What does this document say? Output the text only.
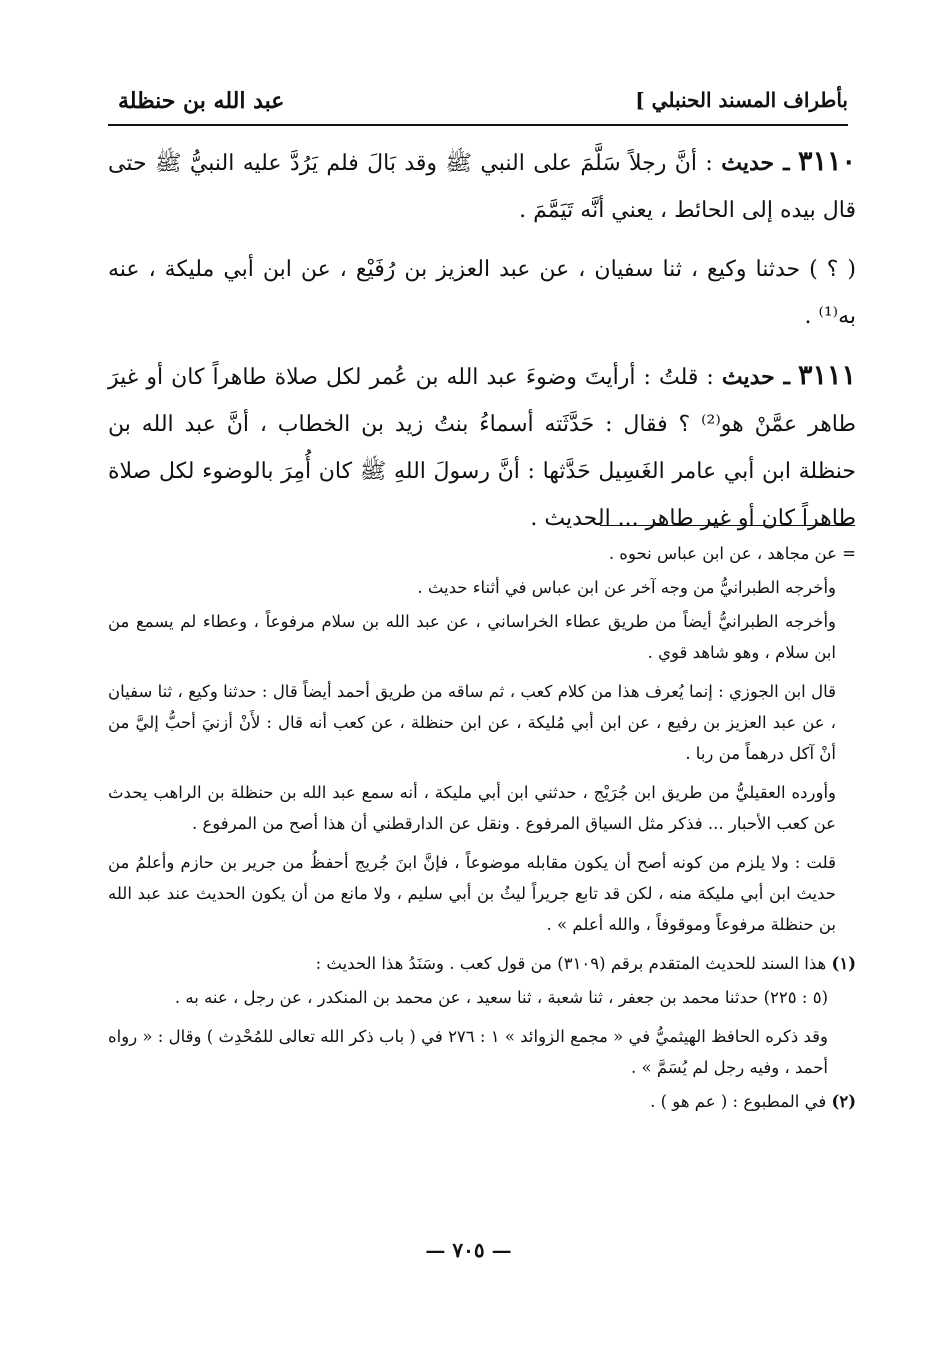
بأطراف المسند الحنبلي ]
عبد الله بن حنظلة

٣١١٠ ـ حديث : أنَّ رجلاً سَلَّمَ على النبي ﷺ وقد بَالَ فلم يَرُدَّ عليه النبيُّ ﷺ حتى قال بيده إلى الحائط ، يعني أنَّه تَيَمَّمَ .

( ؟ ) حدثنا وكيع ، ثنا سفيان ، عن عبد العزيز بن رُفَيْع ، عن ابن أبي مليكة ، عنه به⁽¹⁾ .

٣١١١ ـ حديث : قلتُ : أرأيتَ وضوءَ عبد الله بن عُمر لكل صلاة طاهراً كان أو غيرَ طاهر عمَّنْ هو⁽²⁾ ؟ فقال : حَدَّثَته أسماءُ بنتُ زيد بن الخطاب ، أنَّ عبد الله بن حنظلة ابن أبي عامر الغَسِيل حَدَّثها : أنَّ رسولَ اللهِ ﷺ كان أُمِرَ بالوضوء لكل صلاة طاهراً كان أو غير طاهر ... الحديث .

= عن مجاهد ، عن ابن عباس نحوه .

وأخرجه الطبرانيُّ من وجه آخر عن ابن عباس في أثناء حديث .

وأخرجه الطبرانيُّ أيضاً من طريق عطاء الخراساني ، عن عبد الله بن سلام مرفوعاً ، وعطاء لم يسمع من ابن سلام ، وهو شاهد قوي .

قال ابن الجوزي : إنما يُعرف هذا من كلام كعب ، ثم ساقه من طريق أحمد أيضاً قال : حدثنا وكيع ، ثنا سفيان ، عن عبد العزيز بن رفيع ، عن ابن أبي مُليكة ، عن ابن حنظلة ، عن كعب أنه قال : لأَنْ أزنيَ أحبُّ إليَّ من أنْ آكل درهماً من ربا .

وأورده العقيليُّ من طريق ابن جُرَيْج ، حدثني ابن أبي مليكة ، أنه سمع عبد الله بن حنظلة بن الراهب يحدث عن كعب الأحبار ... فذكر مثل السياق المرفوع . ونقل عن الدارقطني أن هذا أصح من المرفوع .

قلت : ولا يلزم من كونه أصح أن يكون مقابله موضوعاً ، فإنَّ ابنَ جُريج أحفظُ من جرير بن حازم وأعلمُ من حديث ابن أبي مليكة منه ، لكن قد تابع جريراً ليثُ بن أبي سليم ، ولا مانع من أن يكون الحديث عند عبد الله بن حنظلة مرفوعاً وموقوفاً ، والله أعلم » .

(١) هذا السند للحديث المتقدم برقم (٣١٠٩) من قول كعب . وسَنَدُ هذا الحديث :

(٥ : ٢٢٥) حدثنا محمد بن جعفر ، ثنا شعبة ، ثنا سعيد ، عن محمد بن المنكدر ، عن رجل ، عنه به .

وقد ذكره الحافظ الهيثميُّ في « مجمع الزوائد » ١ : ٢٧٦ في ( باب ذكر الله تعالى للمُحْدِث ) وقال : « رواه أحمد ، وفيه رجل لم يُسَمَّ » .

(٢) في المطبوع : ( عم هو ) .

— ٧٠٥ —
